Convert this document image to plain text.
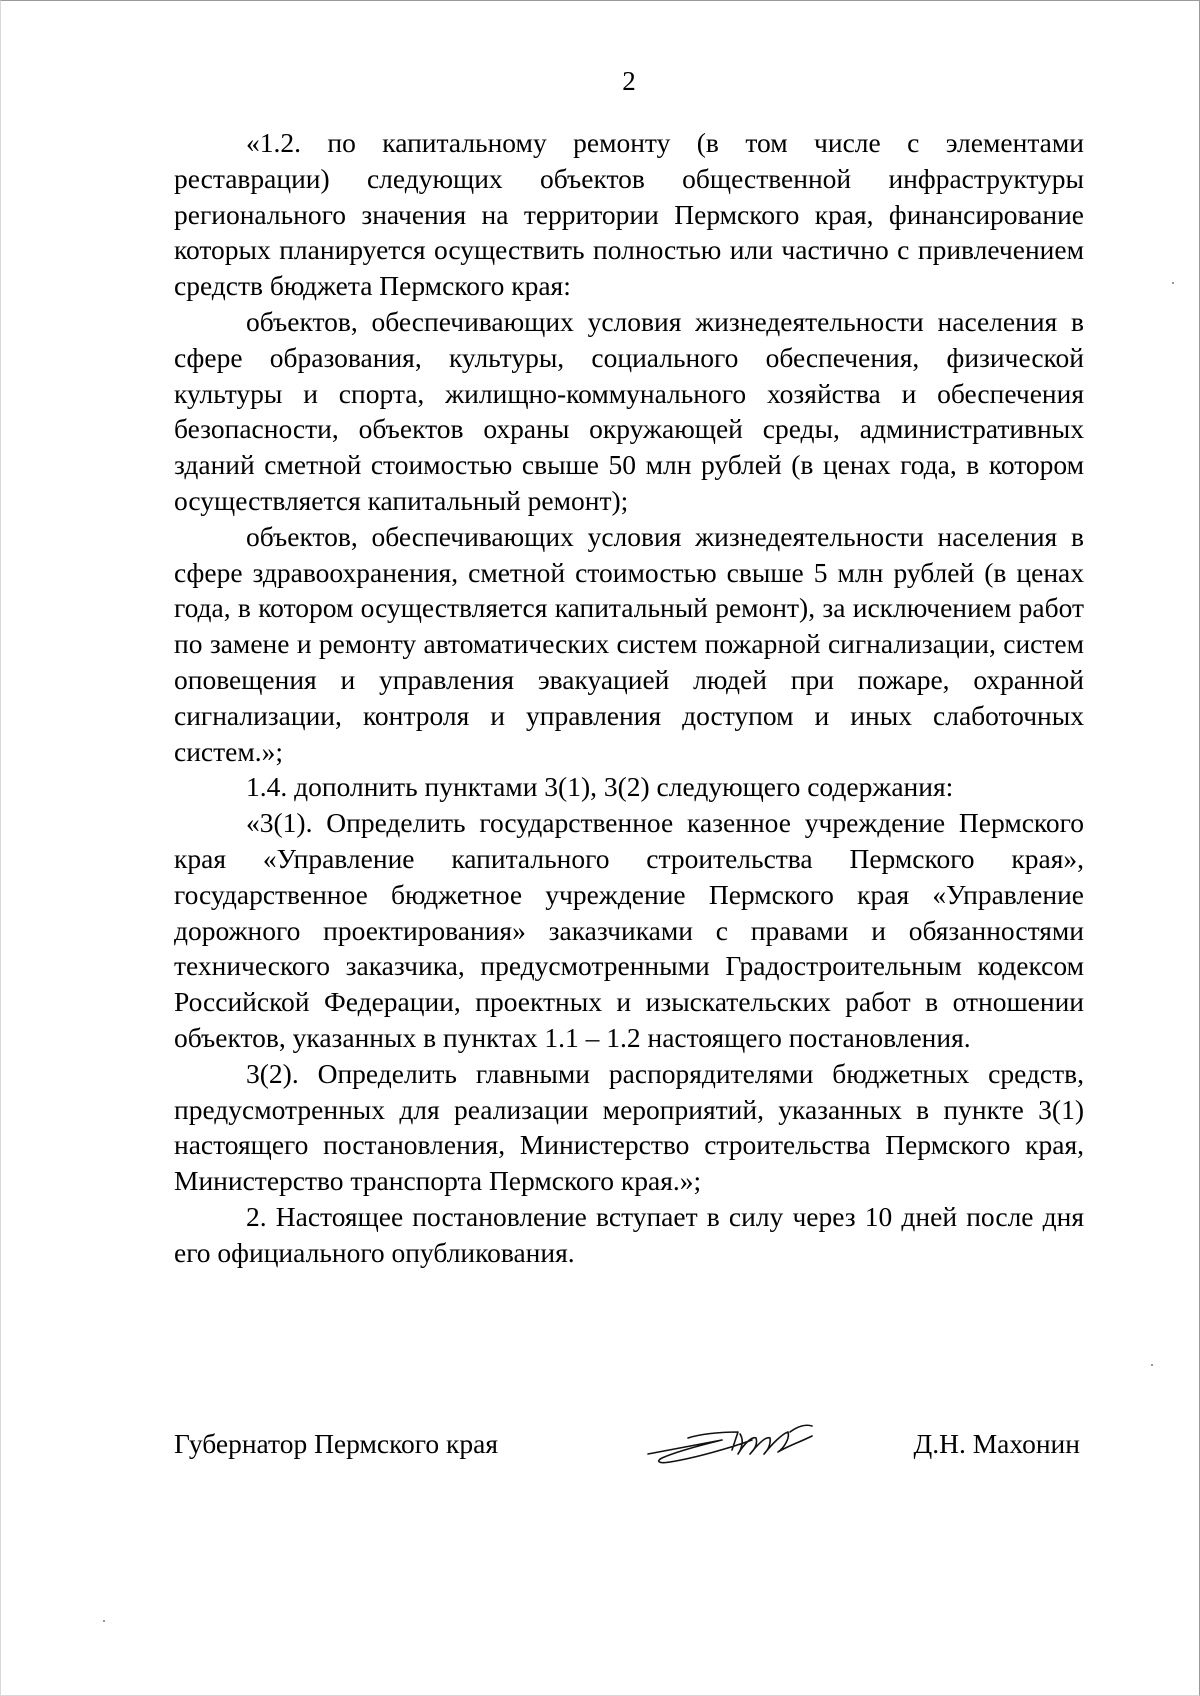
2

«1.2. по капитальному ремонту (в том числе с элементами реставрации) следующих объектов общественной инфраструктуры регионального значения на территории Пермского края, финансирование которых планируется осуществить полностью или частично с привлечением средств бюджета Пермского края:

объектов, обеспечивающих условия жизнедеятельности населения в сфере образования, культуры, социального обеспечения, физической культуры и спорта, жилищно-коммунального хозяйства и обеспечения безопасности, объектов охраны окружающей среды, административных зданий сметной стоимостью свыше 50 млн рублей (в ценах года, в котором осуществляется капитальный ремонт);

объектов, обеспечивающих условия жизнедеятельности населения в сфере здравоохранения, сметной стоимостью свыше 5 млн рублей (в ценах года, в котором осуществляется капитальный ремонт), за исключением работ по замене и ремонту автоматических систем пожарной сигнализации, систем оповещения и управления эвакуацией людей при пожаре, охранной сигнализации, контроля и управления доступом и иных слаботочных систем.»;

1.4. дополнить пунктами 3(1), 3(2) следующего содержания:

«3(1). Определить государственное казенное учреждение Пермского края «Управление капитального строительства Пермского края», государственное бюджетное учреждение Пермского края «Управление дорожного проектирования» заказчиками с правами и обязанностями технического заказчика, предусмотренными Градостроительным кодексом Российской Федерации, проектных и изыскательских работ в отношении объектов, указанных в пунктах 1.1 – 1.2 настоящего постановления.

3(2). Определить главными распорядителями бюджетных средств, предусмотренных для реализации мероприятий, указанных в пункте 3(1) настоящего постановления, Министерство строительства Пермского края, Министерство транспорта Пермского края.»;

2. Настоящее постановление вступает в силу через 10 дней после дня его официального опубликования.

Губернатор Пермского края	Д.Н. Махонин
